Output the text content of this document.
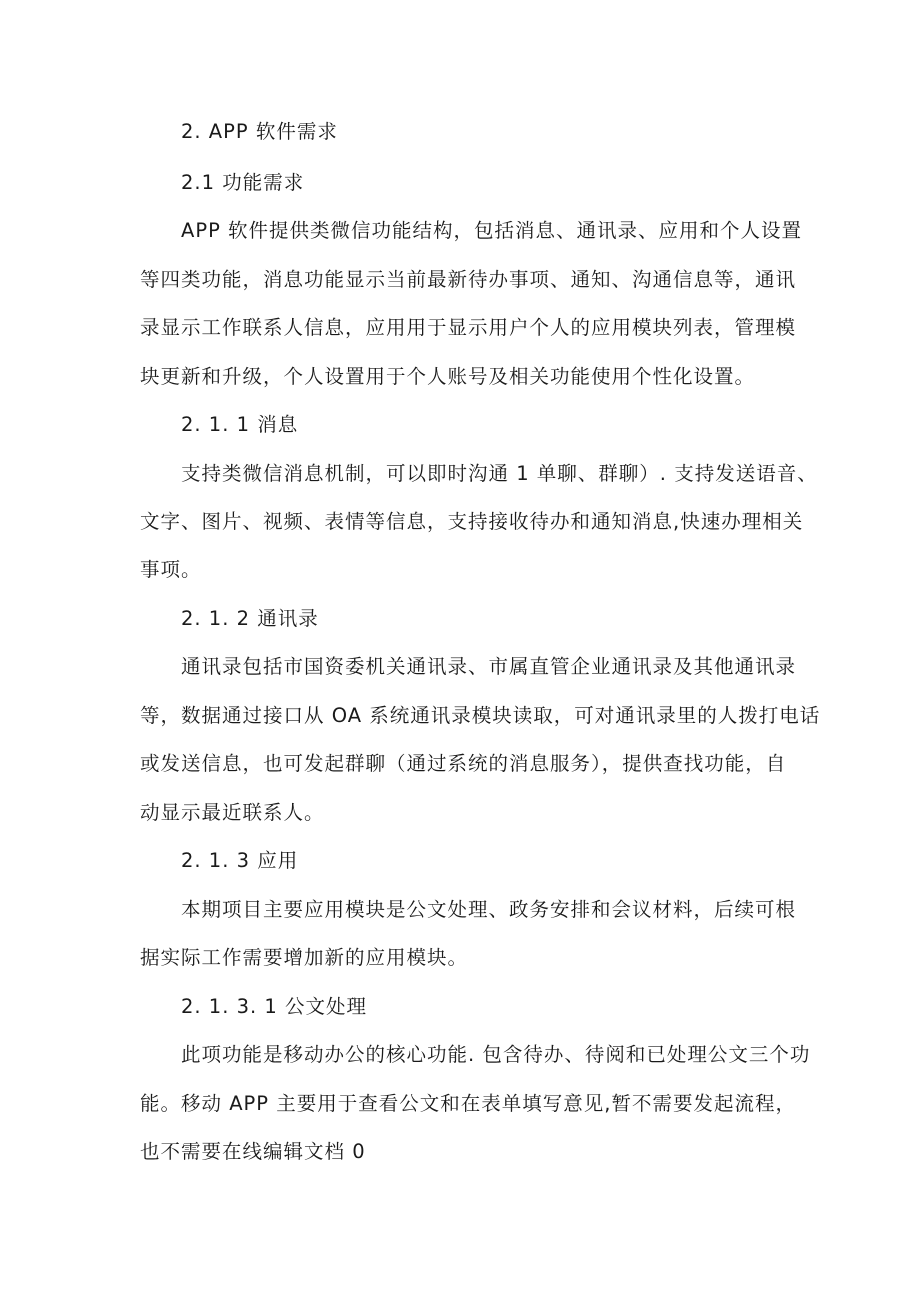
2. APP 软件需求

2.1 功能需求

APP 软件提供类微信功能结构，包括消息、通讯录、应用和个人设置

等四类功能，消息功能显示当前最新待办事项、通知、沟通信息等，通讯

录显示工作联系人信息，应用用于显示用户个人的应用模块列表，管理模

块更新和升级，个人设置用于个人账号及相关功能使用个性化设置。

2. 1. 1 消息

支持类微信消息机制，可以即时沟通 1 单聊、群聊）. 支持发送语音、

文字、图片、视频、表情等信息，支持接收待办和通知消息,快速办理相关

事项。

2. 1. 2 通讯录

通讯录包括市国资委机关通讯录、市属直管企业通讯录及其他通讯录

等，数据通过接口从 OA 系统通讯录模块读取，可对通讯录里的人拨打电话

或发送信息，也可发起群聊（通过系统的消息服务），提供查找功能，自

动显示最近联系人。

2. 1. 3 应用

本期项目主要应用模块是公文处理、政务安排和会议材料，后续可根

据实际工作需要增加新的应用模块。

2. 1. 3. 1 公文处理

此项功能是移动办公的核心功能. 包含待办、待阅和已处理公文三个功

能。移动 APP 主要用于查看公文和在表单填写意见,暂不需要发起流程，

也不需要在线编辑文档 0
